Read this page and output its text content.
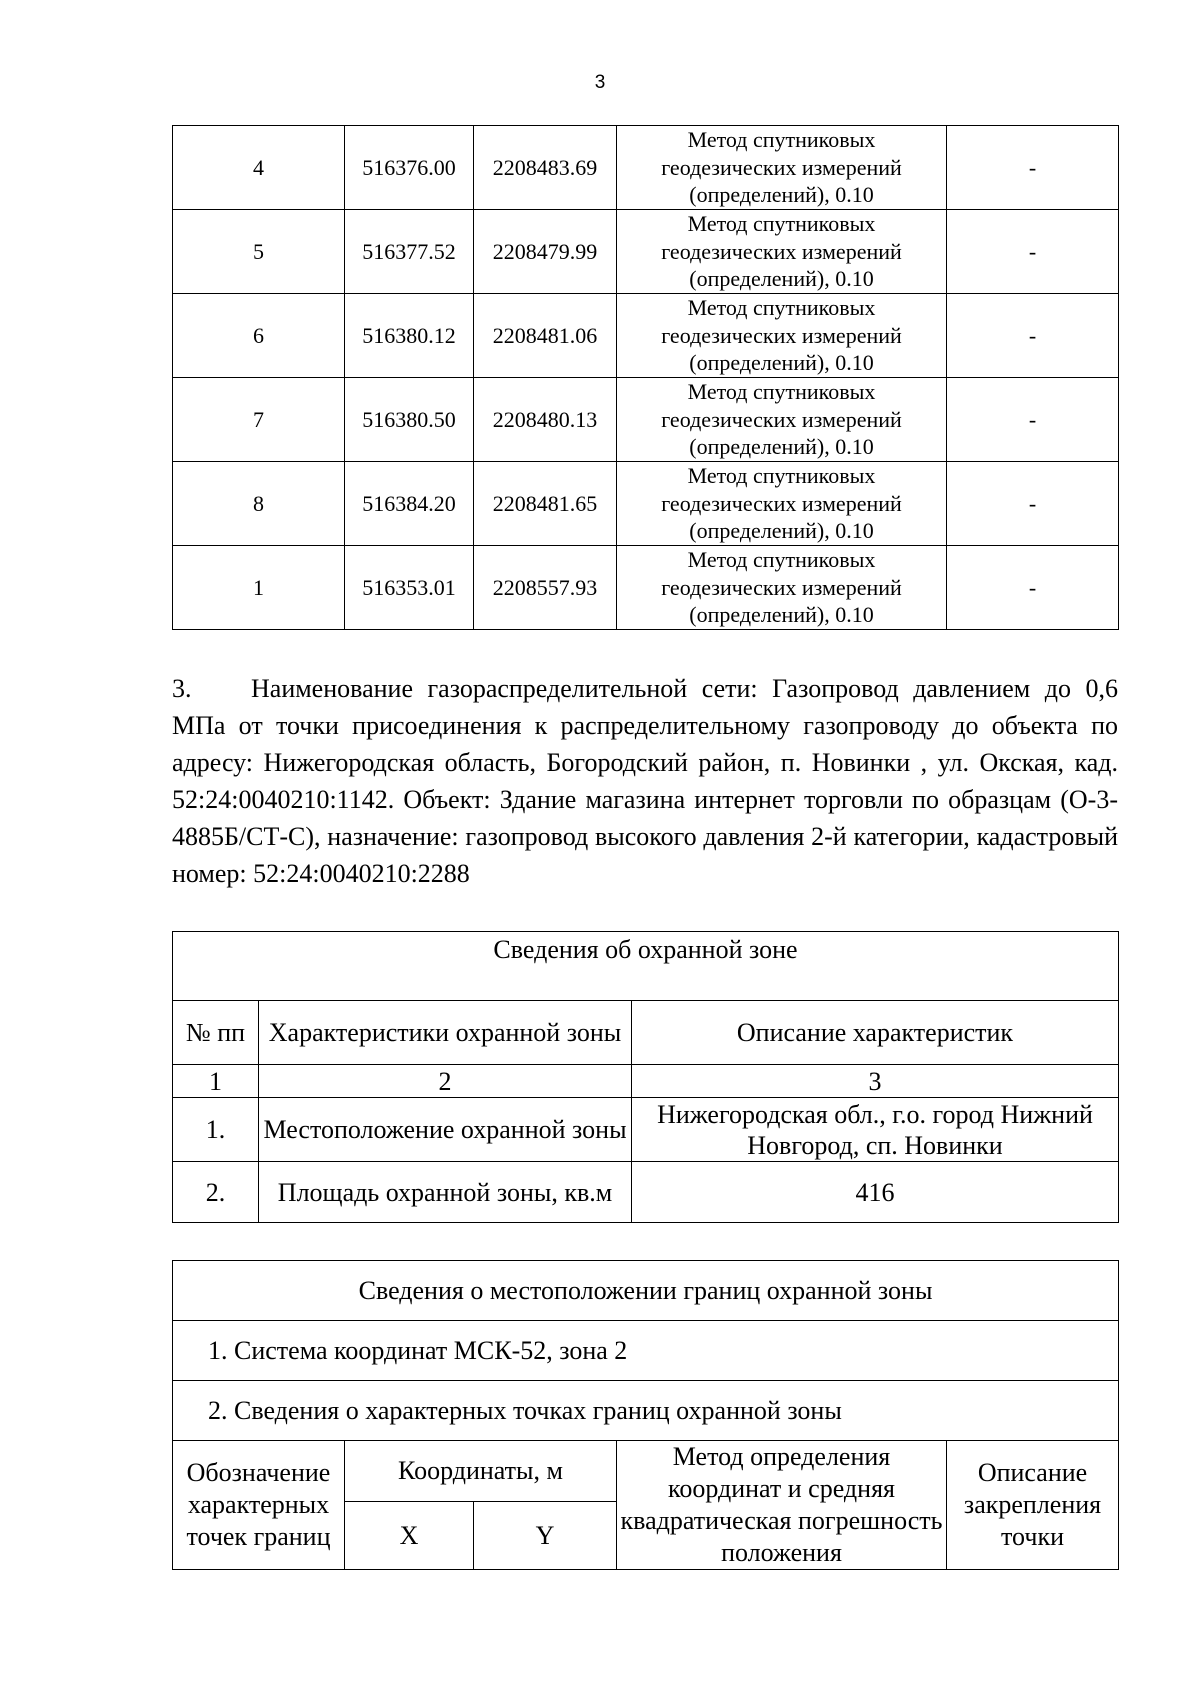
3
4	516376.00	2208483.69	Метод спутниковых
геодезических измерений
(определений), 0.10	-
5	516377.52	2208479.99	Метод спутниковых
геодезических измерений
(определений), 0.10	-
6	516380.12	2208481.06	Метод спутниковых
геодезических измерений
(определений), 0.10	-
7	516380.50	2208480.13	Метод спутниковых
геодезических измерений
(определений), 0.10	-
8	516384.20	2208481.65	Метод спутниковых
геодезических измерений
(определений), 0.10	-
1	516353.01	2208557.93	Метод спутниковых
геодезических измерений
(определений), 0.10	-
3. Наименование газораспределительной сети: Газопровод давлением до 0,6 МПа от точки присоединения к распределительному газопроводу до объекта по адресу: Нижегородская область, Богородский район, п. Новинки , ул. Окская, кад. 52:24:0040210:1142. Объект: Здание магазина интернет торговли по образцам (О-3-4885Б/СТ-С), назначение: газопровод высокого давления 2-й категории, кадастровый номер: 52:24:0040210:2288
Сведения об охранной зоне		
№ пп	Характеристики охранной зоны	Описание характеристик
1	2	3
1.	Местоположение охранной зоны	Нижегородская обл., г.о. город Нижний Новгород, сп. Новинки
2.	Площадь охранной зоны, кв.м	416
Сведения о местоположении границ охранной зоны				
1. Система координат МСК-52, зона 2				
2. Сведения о характерных точках границ охранной зоны				
Обозначение характерных точек границ	Координаты, м		Метод определения координат и средняя квадратическая погрешность положения	Описание закрепления точки
	X	Y		
